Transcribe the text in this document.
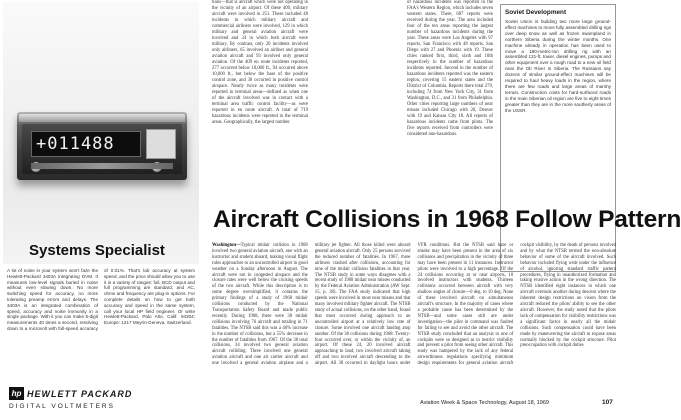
+011488
Systems Specialist
A lot of noise in your system won't faze the Hewlett-Packard 3403A Integrating DVM. It measures low-level signals buried in noise without even slowing down. No more switching speed for accuracy, no more tolerating preamp errors and delays. The 3403A is an integrated combination of speed, accuracy and noise immunity in a single package. With it you can make 5-digit measurements 40 times a second, resolving down to a microvolt with full-speed accuracy of 0.01%. That's lab accuracy at system speed, and the price should allow you to use it in a variety of ranges: full, BCD output and full programming are standard, and AC, ohms and frequency are plug-in options. For complete details on how to get both accuracy and speed in the same system, call your local HP field engineer. Or write Hewlett-Packard, Palo Alto, Calif. 94304; Europe: 1217 Meyrin-Geneva, Switzerland.
hp HEWLETT PACKARD
DIGITAL VOLTMETERS
tions—that is aircraft which were not operating in the vicinity of an airport. Of these 409, military aircraft were involved in 251. These included 48 incidents in which military aircraft and commercial airliners were involved, 129 in which military and general aviation aircraft were involved and 34 in which both aircraft were military. By contrast, only 20 incidents involved only airliners, 65 involved an airliner and general aviation aircraft and 93 involved only general aviation. Of the 409 en route incidents reported, 277 occurred below 10,000 ft., 94 occurred above 10,000 ft., but below the base of the positive control zone, and 38 occurred in positive control airspace. Nearly twice as many incidents were reported in terminal areas—defined as when one of the aircraft involved was in contact with a terminal area traffic control facility—as were reported in en route aircraft. A total of 719 hazardous incidents were reported in the terminal areas. Geographically, the largest number
of hazardous incidents was reported in the FAA's Western Region, which includes seven western states. There, 687 reports were received during the year. The area included four of the ten areas reporting the largest number of hazardous incidents during the year. These areas were Los Angeles with 97 reports, San Francisco with 48 reports, San Diego with 27 and Phoenix with 19. These cities ranked first, third, sixth and 10th respectively in the number of hazardous incidents reported. Second in the number of hazardous incidents reported was the eastern region, covering 15 eastern states and the District of Columbia. Reports there total 279, including 74 from New York City, 31 from Washington, D.C., and 31 from Philadelphia. Other cities reporting large numbers of near misses included Chicago with 26, Denver with 19 and Kansas City 18. All reports of hazardous incidents came from pilots. The five reports received from controllers were considered non-hazardous.
Soviet Development
Soviet Union is building two more large ground-effect machines to move fully assembled drilling rigs over deep snow as well as frozen swampland in northern Siberia during the winter months. One machine already in operation has been used to move a 180-metric-ton drilling rig with an assembled 131-ft. tower, diesel engines, pumps and other equipment over a rough road to a new oil field near the Ob River in Siberia. The Russians say dozens of similar ground-effect machines will be required to haul heavy loads in the region, where there are few roads and large areas of marshy terrain. Construction costs for hard-surfaced roads in the main Siberian oil region are five to eight times greater than they are in the more southerly areas of the USSR.
Aircraft Collisions in 1968 Follow Pattern
Washington—Typical midair collision in 1968 involved two general aviation aircraft, one with an instructor and student aboard, making visual flight rules approaches to an uncontrolled airport in good weather on a Sunday afternoon in August. The aircraft were not in congested airspace and the closure rates were well below the cruising speeds of the two aircraft. While this description is to some degree oversimplified, it contains the primary findings of a study of 1968 midair collisions conducted by the National Transportation Safety Board and made public recently. During 1968, there were 38 midair collisions involving 76 aircraft and totaling in 71 fatalities. The NTSB said this was a 46% increase in the number of collisions, but a 55% decrease in the number of fatalities from 1967. Of the 38 total collisions, 34 involved two general aviation aircraft colliding. Three involved one general aviation aircraft and one air carrier aircraft and one involved a general aviation airplane and a military jet fighter. All those killed were aboard general aviation aircraft. Only 25 persons survived the reduced number of fatalities. In 1967, three airliners crashed after collisions, accounting for nine of the midair collision fatalities in that year. The NTSB study in some ways disagrees with a recent study of 1968 midair near misses conducted by the Federal Aviation Administration (AW Sept. 15, p. 38). The FAA study indicated that high speeds were involved in most near misses and that many involved military fighter aircraft. The NTSB study of actual collisions, on the other hand, found that most occurred during approach to an uncontrolled airport at a relatively low rate of closure. Some involved one aircraft landing atop another. Of the 38 collisions during 1968: Twenty-four occurred over, or within the vicinity of, an airport. Of these 24, 20 involved aircraft approaching to land, two involved aircraft taking off and two involved aircraft descending to the airport. All 38 occurred in daylight hours under VFR conditions. But the NTSB said haze or smoke may have been present in the area of six collisions and precipitation in the vicinity of three may have been present in 11 instances. Instructor pilots were involved to a high percentage. Of the 24 collisions occurring at or near airports, 10 involved instructors with students. Thirteen collisions occurred between aircraft with very shallow angles of closure—0 deg. to 10 deg. None of these involved aircraft on simultaneous aircraft's structure. In the majority of cases where a probable cause has been determined by the NTSB—and some cases still are under investigation—the pilot in command was faulted for failing to see and avoid the other aircraft. The NTSB study concluded that an analysis to one of cockpits were so designed as to restrict visibility and prevent a pilot from seeing other aircraft. This study was hampered by the lack of any federal airworthiness regulations specifying minimum design requirements for general aviation aircraft cockpit visibility, by the death of persons involved and by what the NTSB termed the non-absolute behavior of some of the aircraft involved. Such behavior included flying wide under the influence of alcohol, ignoring standard traffic pattern procedures, flying in unauthorized formation and taking evasive action in the wrong direction. The NTSB identified eight instances in which one aircraft overtook another during descent where the inherent design restrictions on vision from the aircraft reduced the pilots' ability to see the other aircraft. However, the study noted that the pilots lack of compensation for visibility restrictions was a significant factor in nearly all the midair collisions. Such compensation could have been made by maneuvering the aircraft to expose areas normally blocked by the cockpit structure. Pilot preoccupation with cockpit duties
Aviation Week & Space Technology, August 18, 1969	107
